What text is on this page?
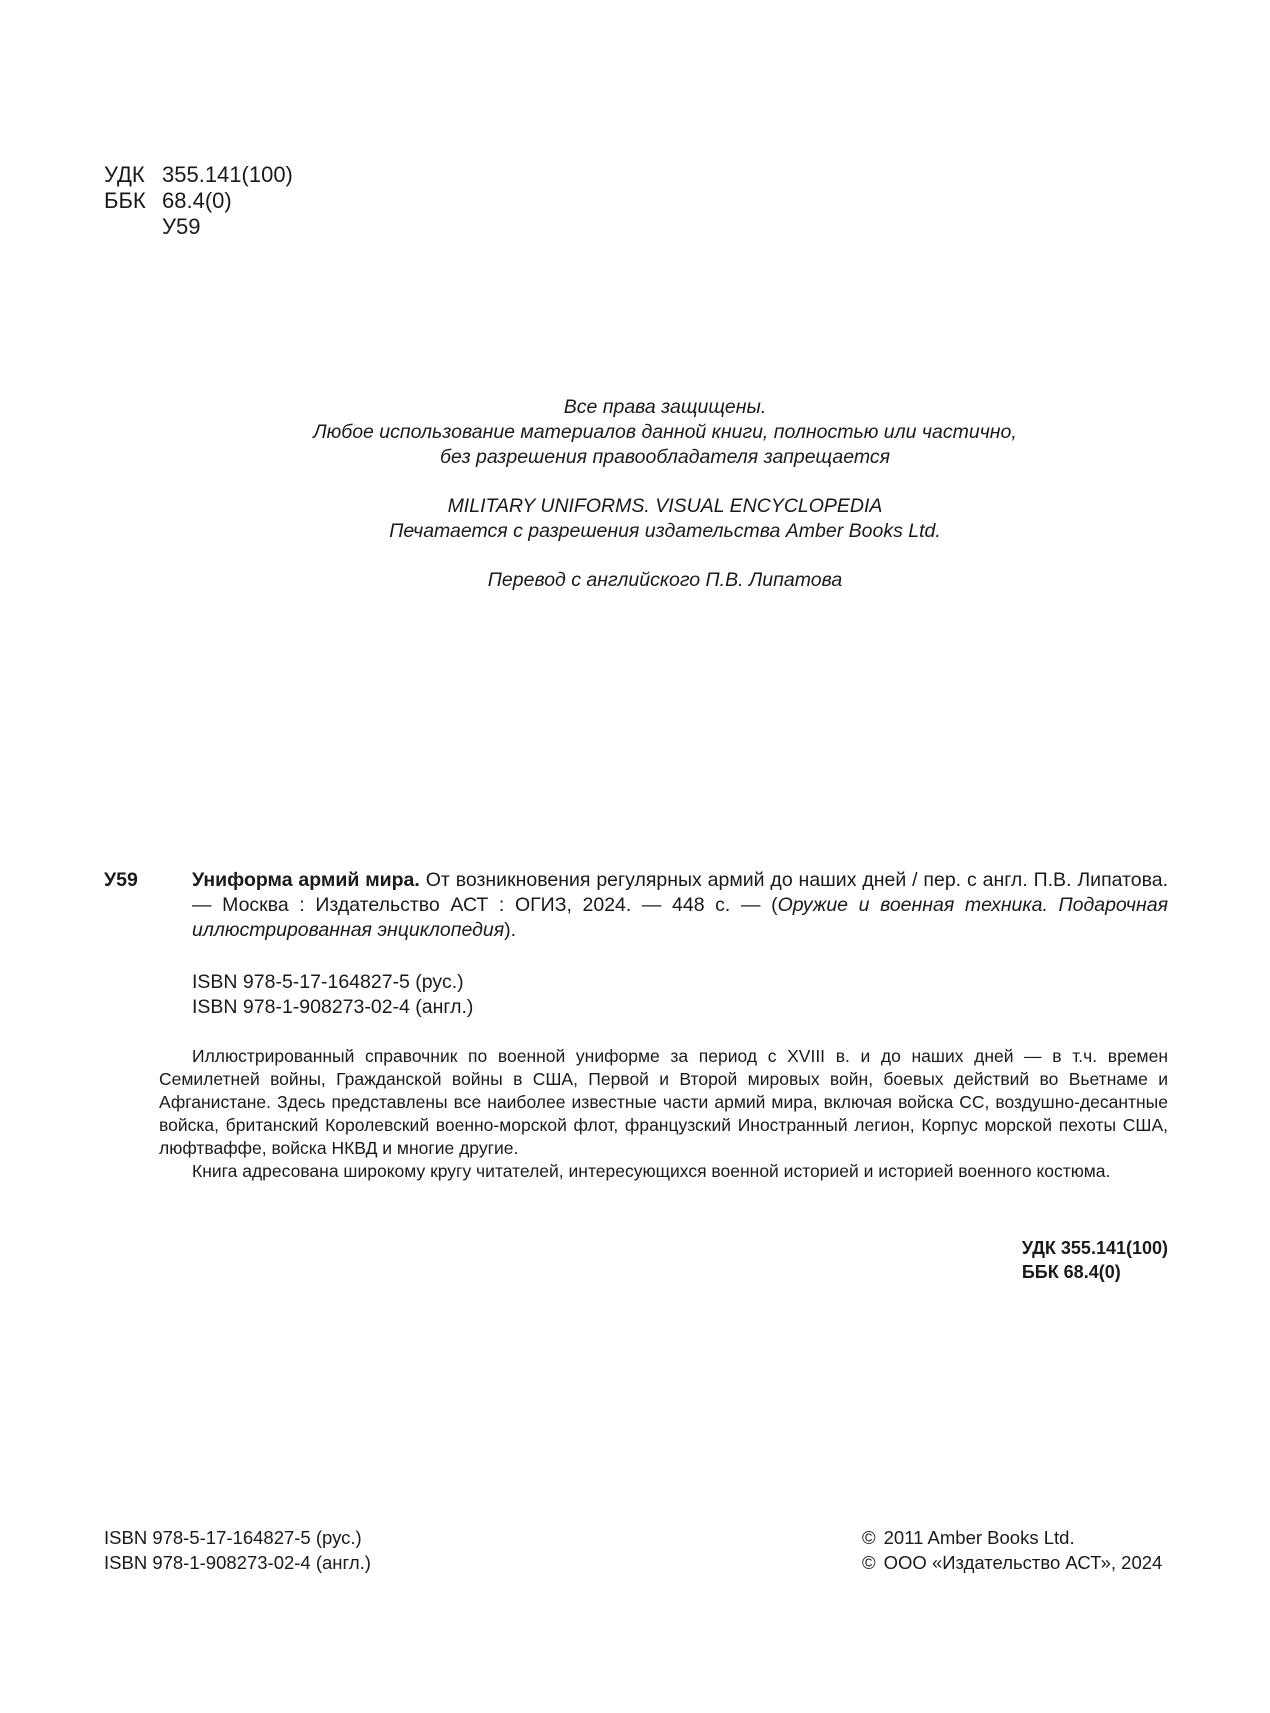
УДК 355.141(100)
ББК 68.4(0)
У59

Все права защищены.

Любое использование материалов данной книги, полностью или частично,

без разрешения правообладателя запрещается

MILITARY UNIFORMS. VISUAL ENCYCLOPEDIA

Печатается с разрешения издательства Amber Books Ltd.

Перевод с английского П.В. Липатова

У59	Униформа армий мира. От возникновения регулярных армий до наших дней / пер. с англ. П.В. Липатова. — Москва : Издательство АСТ : ОГИЗ, 2024. — 448 с. — (Оружие и военная техника. Подарочная иллюстрированная энциклопедия).
ISBN 978-5-17-164827-5 (рус.)
ISBN 978-1-908273-02-4 (англ.)

Иллюстрированный справочник по военной униформе за период с XVIII в. и до наших дней — в т.ч. времен Семилетней войны, Гражданской войны в США, Первой и Второй мировых войн, боевых действий во Вьетнаме и Афганистане. Здесь представлены все наиболее известные части армий мира, включая войска СС, воздушно-десантные войска, британский Королевский военно-морской флот, французский Иностранный легион, Корпус морской пехоты США, люфтваффе, войска НКВД и многие другие.

Книга адресована широкому кругу читателей, интересующихся военной историей и историей военного костюма.

УДК 355.141(100)
ББК 68.4(0)
ISBN 978-5-17-164827-5 (рус.)
ISBN 978-1-908273-02-4 (англ.)
© 2011 Amber Books Ltd.
© ООО «Издательство АСТ», 2024
